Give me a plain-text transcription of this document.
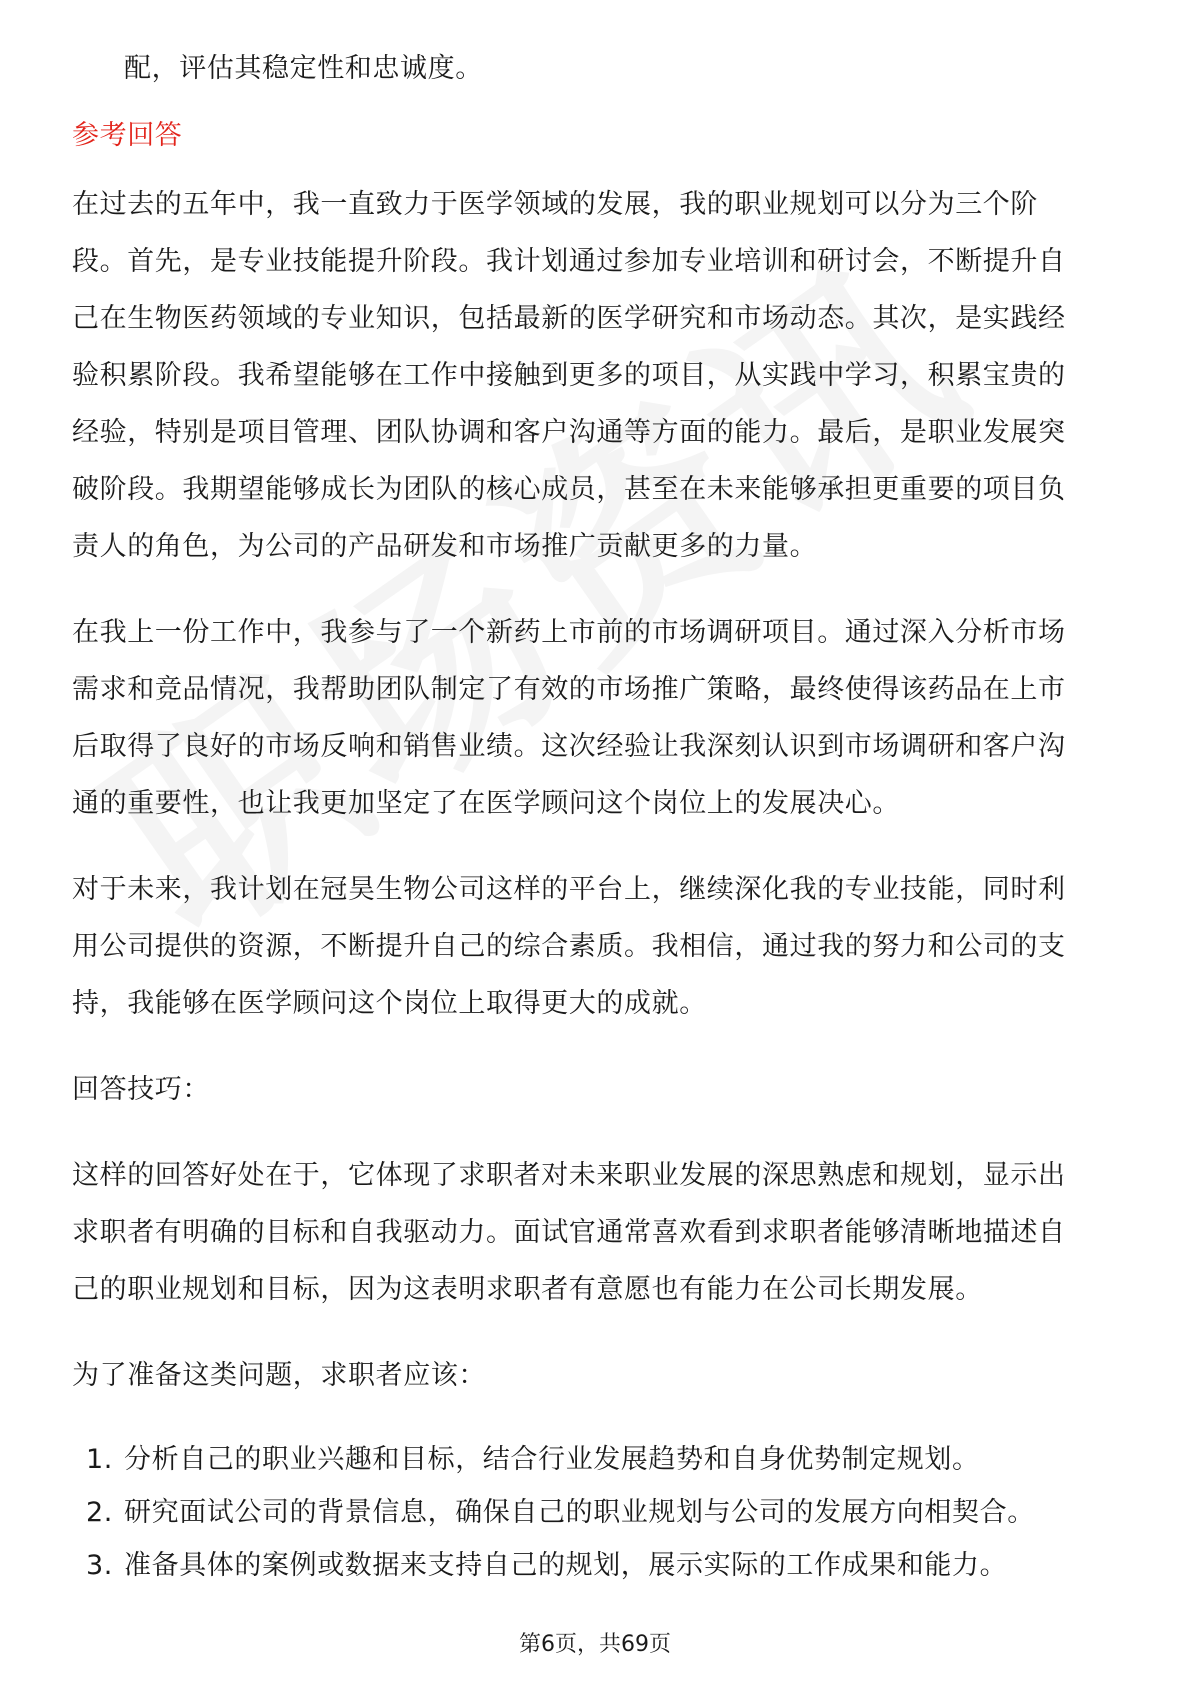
配，评估其稳定性和忠诚度。

参考回答

在过去的五年中，我一直致力于医学领域的发展，我的职业规划可以分为三个阶

段。首先，是专业技能提升阶段。我计划通过参加专业培训和研讨会，不断提升自

己在生物医药领域的专业知识，包括最新的医学研究和市场动态。其次，是实践经

验积累阶段。我希望能够在工作中接触到更多的项目，从实践中学习，积累宝贵的

经验，特别是项目管理、团队协调和客户沟通等方面的能力。最后，是职业发展突

破阶段。我期望能够成长为团队的核心成员，甚至在未来能够承担更重要的项目负

责人的角色，为公司的产品研发和市场推广贡献更多的力量。

在我上一份工作中，我参与了一个新药上市前的市场调研项目。通过深入分析市场

需求和竞品情况，我帮助团队制定了有效的市场推广策略，最终使得该药品在上市

后取得了良好的市场反响和销售业绩。这次经验让我深刻认识到市场调研和客户沟

通的重要性，也让我更加坚定了在医学顾问这个岗位上的发展决心。

对于未来，我计划在冠昊生物公司这样的平台上，继续深化我的专业技能，同时利

用公司提供的资源，不断提升自己的综合素质。我相信，通过我的努力和公司的支

持，我能够在医学顾问这个岗位上取得更大的成就。

回答技巧：

这样的回答好处在于，它体现了求职者对未来职业发展的深思熟虑和规划，显示出

求职者有明确的目标和自我驱动力。面试官通常喜欢看到求职者能够清晰地描述自

己的职业规划和目标，因为这表明求职者有意愿也有能力在公司长期发展。

为了准备这类问题，求职者应该：

1. 分析自己的职业兴趣和目标，结合行业发展趋势和自身优势制定规划。
2. 研究面试公司的背景信息，确保自己的职业规划与公司的发展方向相契合。
3. 准备具体的案例或数据来支持自己的规划，展示实际的工作成果和能力。
第6页，共69页
